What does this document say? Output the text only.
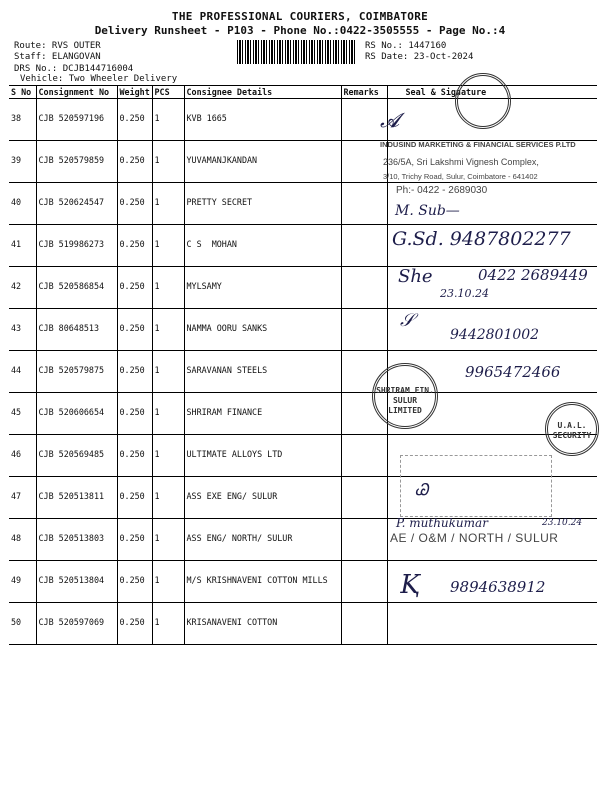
THE PROFESSIONAL COURIERS, COIMBATORE
Delivery Runsheet - P103 - Phone No.:0422-3505555 - Page No.:4
Route: RVS OUTER
Staff: ELANGOVAN
DRS No.: DCJB144716004
Vehicle: Two Wheeler Delivery
RS No.: 1447160
RS Date: 23-Oct-2024
S No	Consignment No	Weight	PCS	Consignee Details	Remarks	Seal & Signature
38	CJB 520597196	0.250	1	KVB 1665		
39	CJB 520579859	0.250	1	YUVAMANJKANDAN		
40	CJB 520624547	0.250	1	PRETTY SECRET		
41	CJB 519986273	0.250	1	C S  MOHAN		
42	CJB 520586854	0.250	1	MYLSAMY		
43	CJB 80648513	0.250	1	NAMMA OORU SANKS		
44	CJB 520579875	0.250	1	SARAVANAN STEELS		
45	CJB 520606654	0.250	1	SHRIRAM FINANCE		
46	CJB 520569485	0.250	1	ULTIMATE ALLOYS LTD		
47	CJB 520513811	0.250	1	ASS EXE ENG/ SULUR		
48	CJB 520513803	0.250	1	ASS ENG/ NORTH/ SULUR		
49	CJB 520513804	0.250	1	M/S KRISHNAVENI COTTON MILLS		
50	CJB 520597069	0.250	1	KRISANAVENI COTTON		
𝓐
INDUSIND MARKETING & FINANCIAL SERVICES P.LTD
236/5A, Sri Lakshmi Vignesh Complex,
3/10, Trichy Road, Sulur, Coimbatore - 641402
Ph:- 0422 - 2689030
M. Sub—
G.Sd. 9487802277
0422 2689449
23.10.24
She
𝒮
9442801002
9965472466
SHRIRAM FIN. SULUR LIMITED
U.A.L. SECURITY
Ꮚ
P. muthukumar	23.10.24
AE / O&M / NORTH / SULUR
Ⱪ 9894638912
